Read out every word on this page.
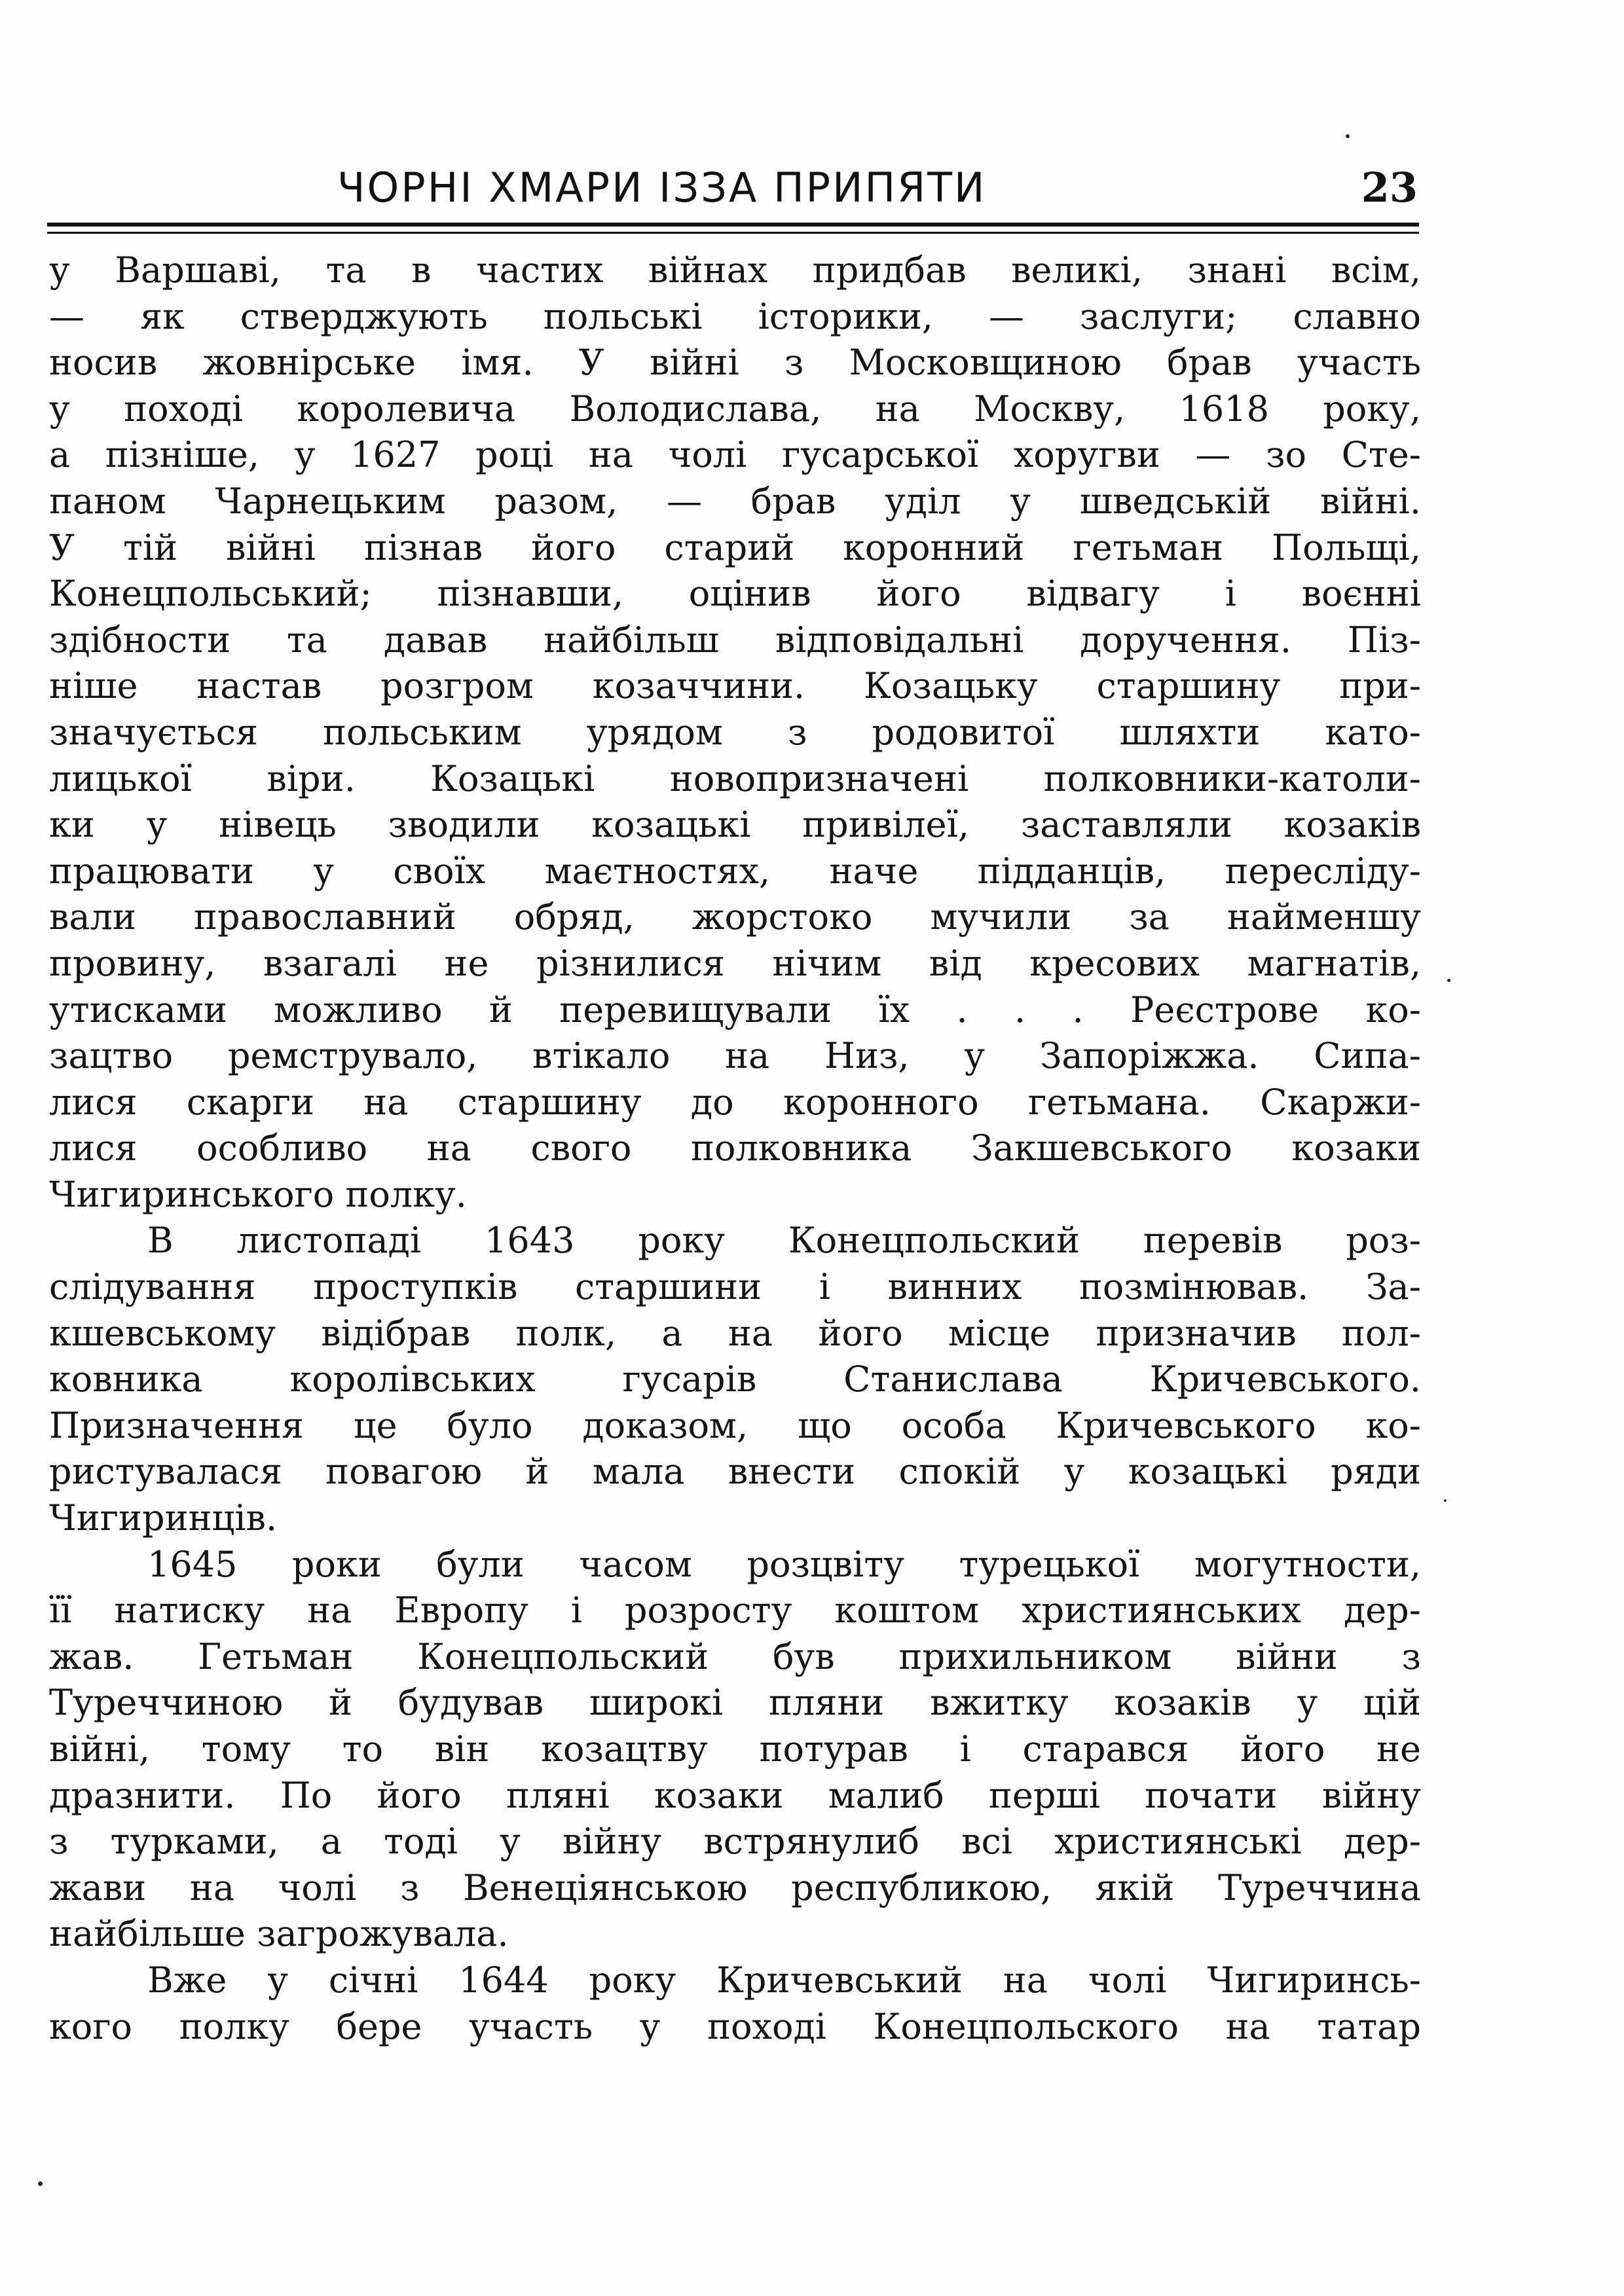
ЧОРНІ ХМАРИ ІЗЗА ПРИПЯТИ	23
у Варшаві, та в частих війнах придбав великі, знані всім,
— як стверджують польські історики, — заслуги; славно
носив жовнірське імя. У війні з Московщиною брав участь
у поході королевича Володислава, на Москву, 1618 року,
а пізніше, у 1627 році на чолі гусарської хоругви — зо Сте-
паном Чарнецьким разом, — брав уділ у шведській війні.
У тій війні пізнав його старий коронний гетьман Польщі,
Конецпольський; пізнавши, оцінив його відвагу і воєнні
здібности та давав найбільш відповідальні доручення. Пiз-
ніше настав розгром козаччини. Козацьку старшину при-
значується польським урядом з родовитої шляхти като-
лицької віри. Козацькі новопризначені полковники-католи-
ки у нівець зводили козацькі привілеї, заставляли козаків
працювати у своїх маєтностях, наче підданців, переслiду-
вали православний обряд, жорстоко мучили за найменшу
провину, взагалі не різнилися нічим від кресових магнатів,
утисками можливо й перевищували їх . . . Реєстрове ко-
зацтво ремструвало, втікало на Низ, у Запоріжжа. Сипа-
лися скарги на старшину до коронного гетьмана. Скаржи-
лися особливо на свого полковника Закшевського козаки
Чигиринського полку.
В листопаді 1643 року Конецпольский перевів роз-
слідування проступків старшини і винних позмінював. За-
кшевському відібрав полк, а на його місце призначив пол-
ковника королівських гусарів Станислава Кричевського.
Призначення це було доказом, що особа Кричевського ко-
ристувалася повагою й мала внести спокій у козацькі ряди
Чигиринців.
1645 роки були часом розцвіту турецької могутности,
її натиску на Европу і розросту коштом християнських дер-
жав. Гетьман Конецпольский був прихильником війни з
Туреччиною й будував широкі пляни вжитку козаків у цій
війні, тому то він козацтву потурав і старався його не
дразнити. По його пляні козаки малиб перші почати війну
з турками, а тоді у війну встрянулиб всі християнські дер-
жави на чолі з Венеціянською республикою, якій Туреччина
найбільше загрожувала.
Вже у січні 1644 року Кричевський на чолі Чигиринсь-
кого полку бере участь у поході Конецпольского на татар
